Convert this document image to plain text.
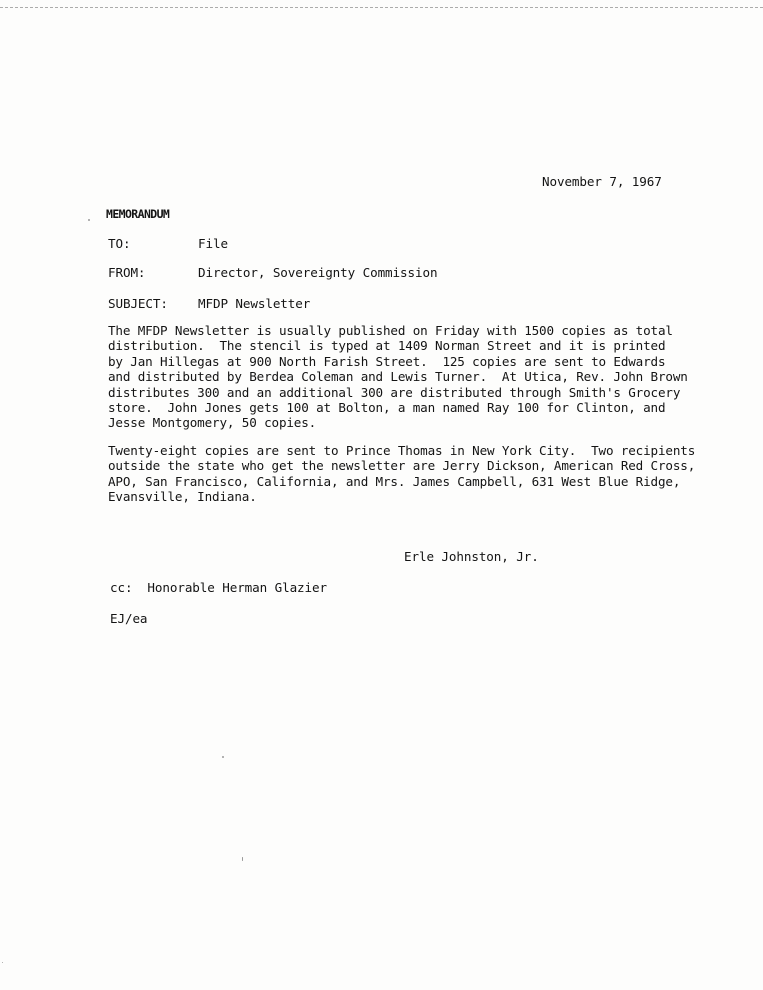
November 7, 1967
MEMORANDUM
TO:	File
FROM:	Director, Sovereignty Commission
SUBJECT: MFDP Newsletter
The MFDP Newsletter is usually published on Friday with 1500 copies as total
distribution.  The stencil is typed at 1409 Norman Street and it is printed
by Jan Hillegas at 900 North Farish Street.  125 copies are sent to Edwards
and distributed by Berdea Coleman and Lewis Turner.  At Utica, Rev. John Brown
distributes 300 and an additional 300 are distributed through Smith's Grocery
store.  John Jones gets 100 at Bolton, a man named Ray 100 for Clinton, and
Jesse Montgomery, 50 copies.
Twenty-eight copies are sent to Prince Thomas in New York City.  Two recipients
outside the state who get the newsletter are Jerry Dickson, American Red Cross,
APO, San Francisco, California, and Mrs. James Campbell, 631 West Blue Ridge,
Evansville, Indiana.
Erle Johnston, Jr.
cc:  Honorable Herman Glazier
EJ/ea
